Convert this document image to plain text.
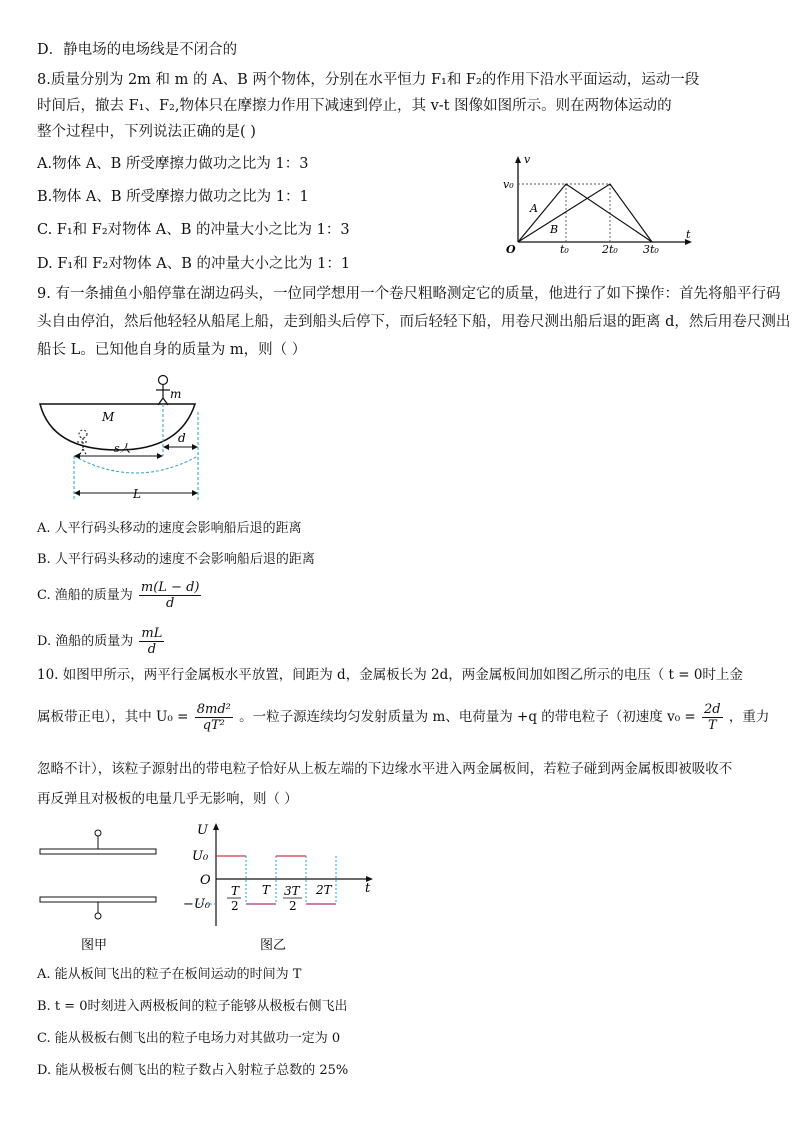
D．静电场的电场线是不闭合的
8.质量分别为 2m 和 m 的 A、B 两个物体，分别在水平恒力 F₁和 F₂的作用下沿水平面运动，运动一段
时间后，撤去 F₁、F₂,物体只在摩擦力作用下减速到停止，其 v-t 图像如图所示。则在两物体运动的
整个过程中，下列说法正确的是( )
A.物体 A、B 所受摩擦力做功之比为 1：3
B.物体 A、B 所受摩擦力做功之比为 1：1
C. F₁和 F₂对物体 A、B 的冲量大小之比为 1：3
D. F₁和 F₂对物体 A、B 的冲量大小之比为 1：1
v
v₀
A
B
O	t₀	2t₀ 3t₀
t
9. 有一条捕鱼小船停靠在湖边码头，一位同学想用一个卷尺粗略测定它的质量，他进行了如下操作：首先将船平行码
头自由停泊，然后他轻轻从船尾上船，走到船头后停下，而后轻轻下船，用卷尺测出船后退的距离 d，然后用卷尺测出
船长 L。已知他自身的质量为 m，则（ ）
m
M
s人
d
L
A. 人平行码头移动的速度会影响船后退的距离
B. 人平行码头移动的速度不会影响船后退的距离
C. 渔船的质量为 $\frac{m(L - d)}{d}$
D. 渔船的质量为 $\frac{mL}{d}$
10. 如图甲所示，两平行金属板水平放置，间距为 d，金属板长为 2d，两金属板间加如图乙所示的电压（ t = 0时上金
属板带正电），其中 $U_0 = \frac{\text{8md²}}{\text{qT²}}$ 。一粒子源连续均匀发射质量为 m、电荷量为 +q 的带电粒子（初速度 $v_0 = \frac{2d}{T}$ ，重力
忽略不计），该粒子源射出的带电粒子恰好从上板左端的下边缘水平进入两金属板间，若粒子碰到两金属板即被吸收不
再反弹且对极板的电量几乎无影响，则（ ）
图甲
U
U₀
O
−U₀
t
T
2
T 3T
2
2T
图乙
A. 能从板间飞出的粒子在板间运动的时间为 T
B. t = 0时刻进入两极板间的粒子能够从极板右侧飞出
C. 能从极板右侧飞出的粒子电场力对其做功一定为 0
D. 能从极板右侧飞出的粒子数占入射粒子总数的 25%
